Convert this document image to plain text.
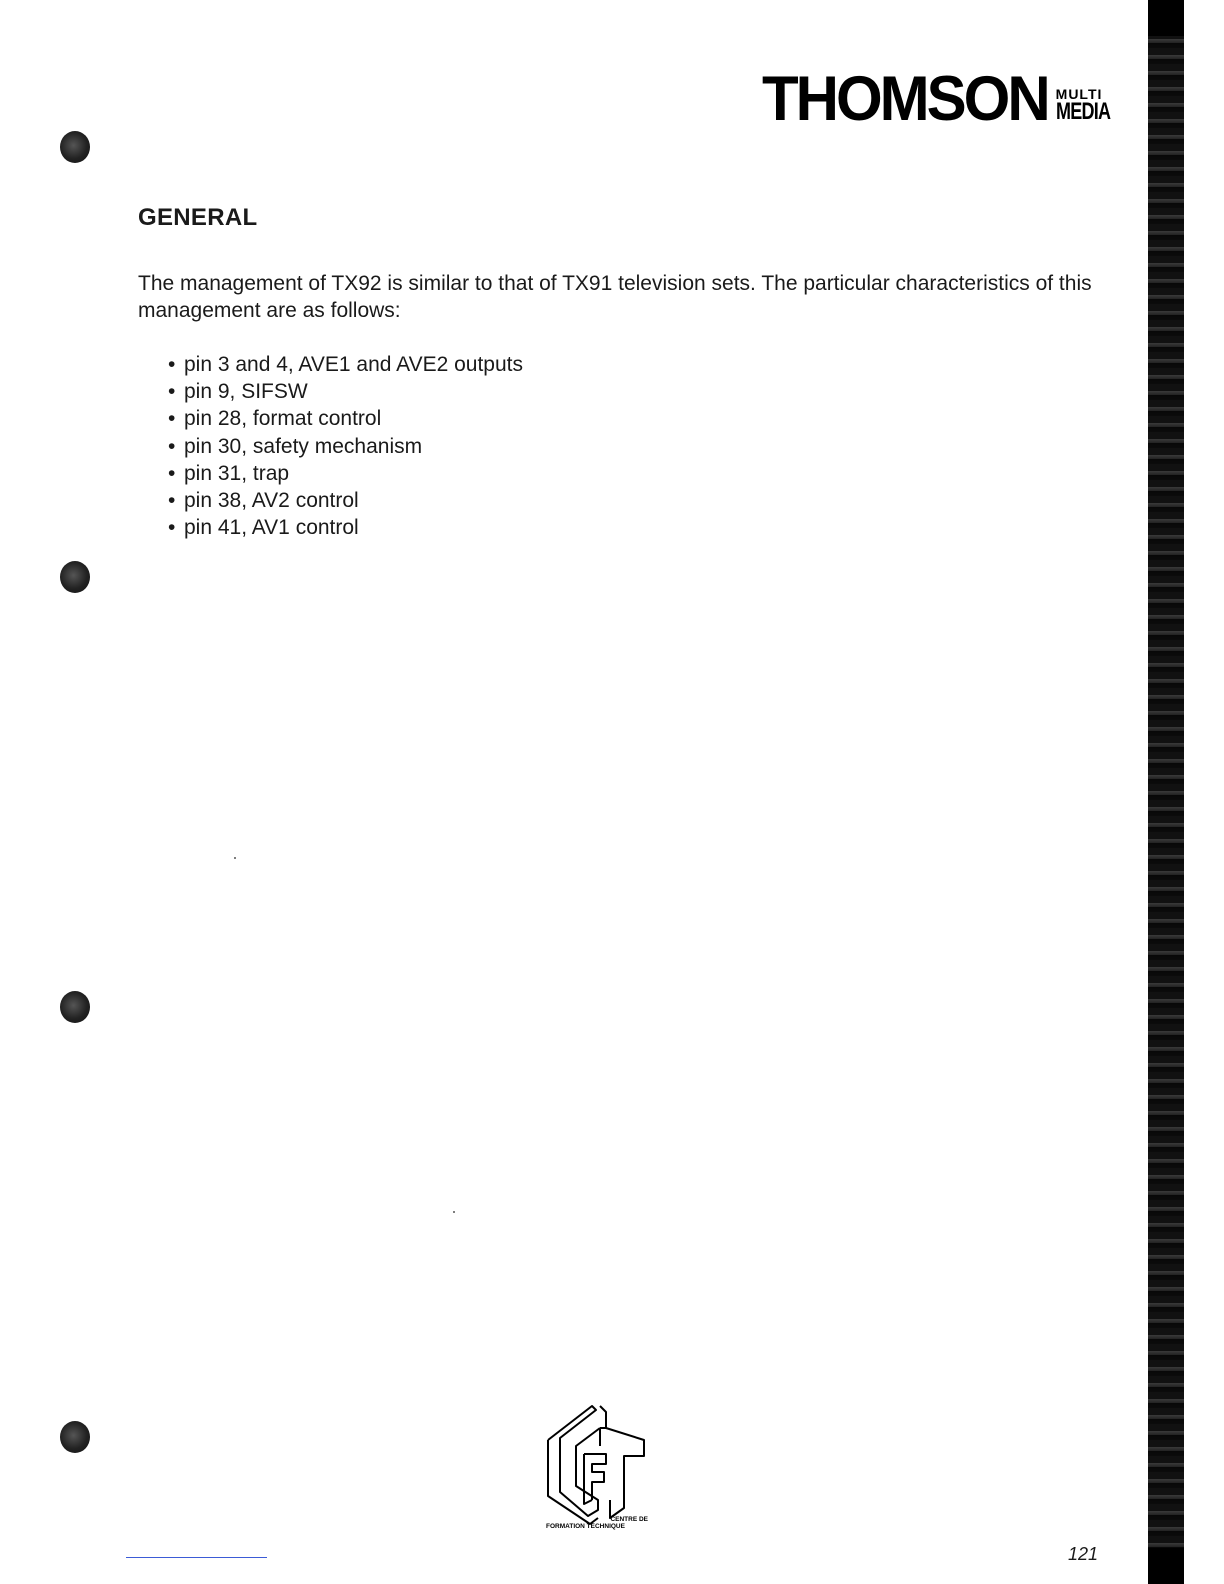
THOMSON MULTI
MEDIA
GENERAL

The management of TX92 is similar to that of TX91 television sets. The particular characteristics of this management are as follows:

• pin 3 and 4, AVE1 and AVE2 outputs
• pin 9, SIFSW
• pin 28, format control
• pin 30, safety mechanism
• pin 31, trap
• pin 38, AV2 control
• pin 41, AV1 control
CENTRE DE
FORMATION TECHNIQUE
121
